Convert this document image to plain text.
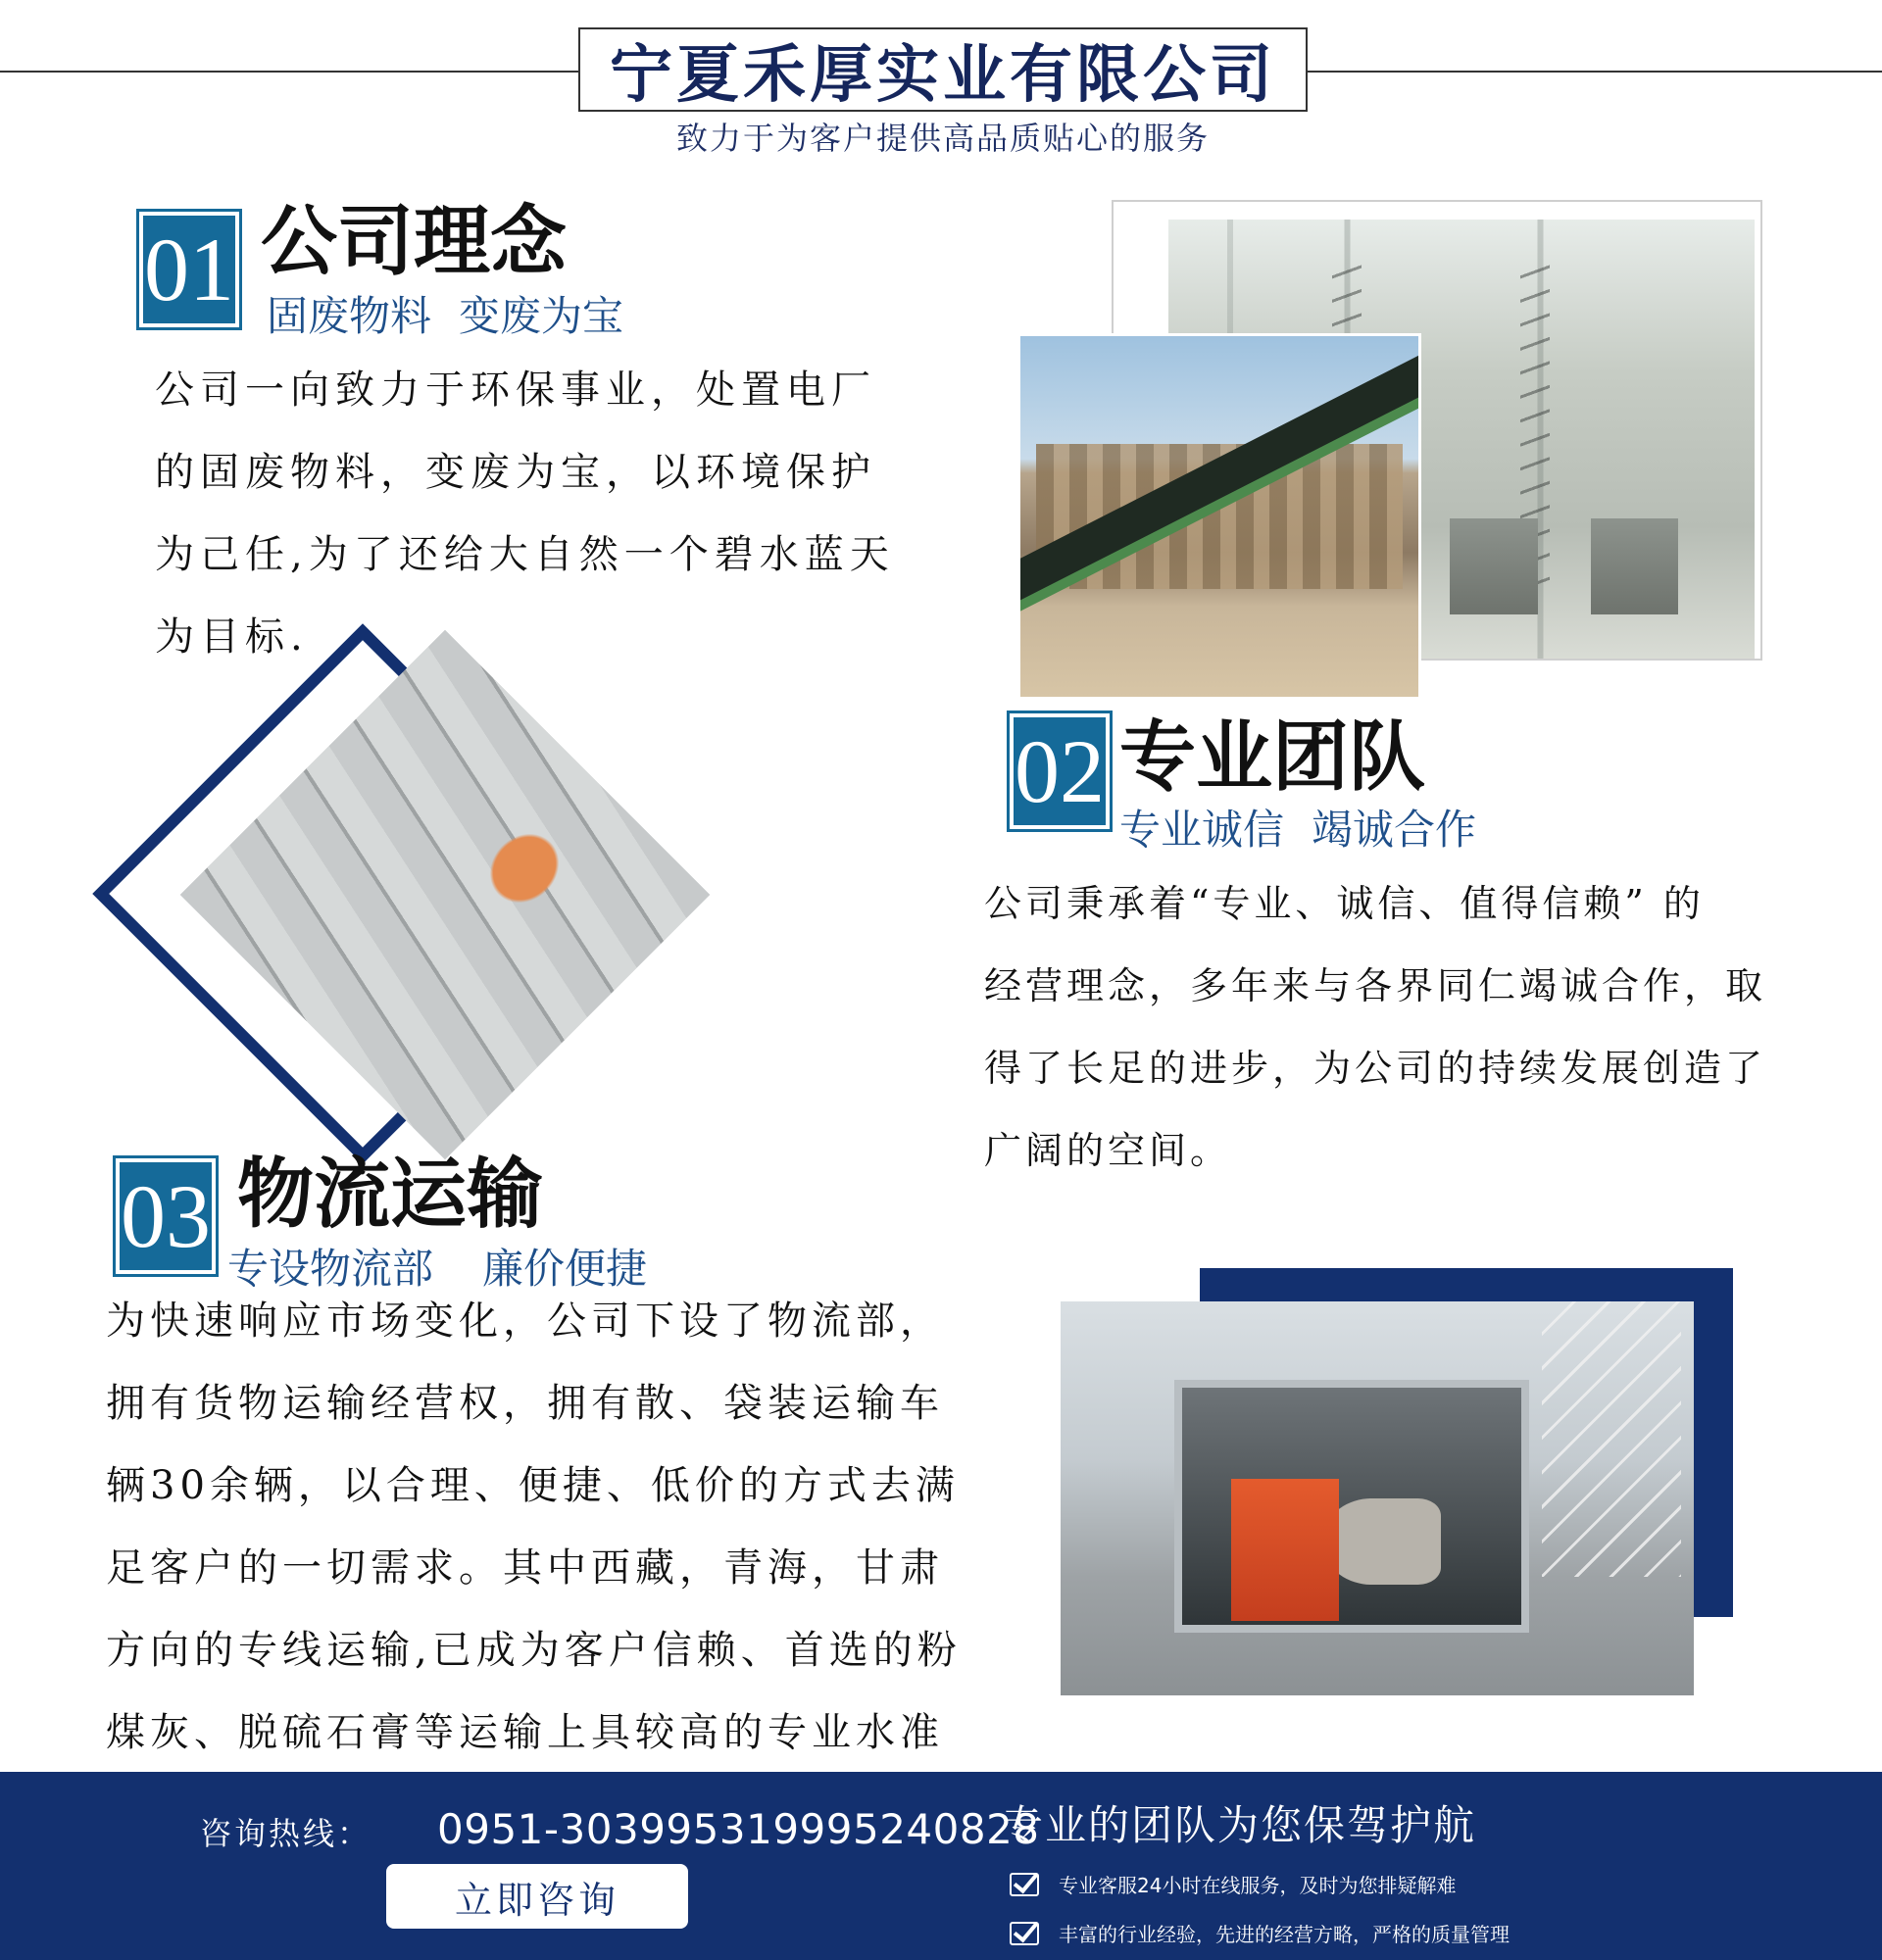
宁夏禾厚实业有限公司
致力于为客户提供高品质贴心的服务
01 公司理念
固废物料 变废为宝
公司一向致力于环保事业，处置电厂
的固废物料，变废为宝，以环境保护
为己任,为了还给大自然一个碧水蓝天
为目标.
02 专业团队
专业诚信 竭诚合作
公司秉承着“专业、诚信、值得信赖” 的
经营理念，多年来与各界同仁竭诚合作，取
得了长足的进步，为公司的持续发展创造了
广阔的空间。
03 物流运输
专设物流部 廉价便捷
为快速响应市场变化，公司下设了物流部，
拥有货物运输经营权，拥有散、袋装运输车
辆30余辆，以合理、便捷、低价的方式去满
足客户的一切需求。其中西藏，青海，甘肃
方向的专线运输,已成为客户信赖、首选的粉
煤灰、脱硫石膏等运输上具较高的专业水准
咨询热线： 0951-303995319995240828
立即咨询
专业的团队为您保驾护航
专业客服24小时在线服务，及时为您排疑解难
丰富的行业经验，先进的经营方略，严格的质量管理
